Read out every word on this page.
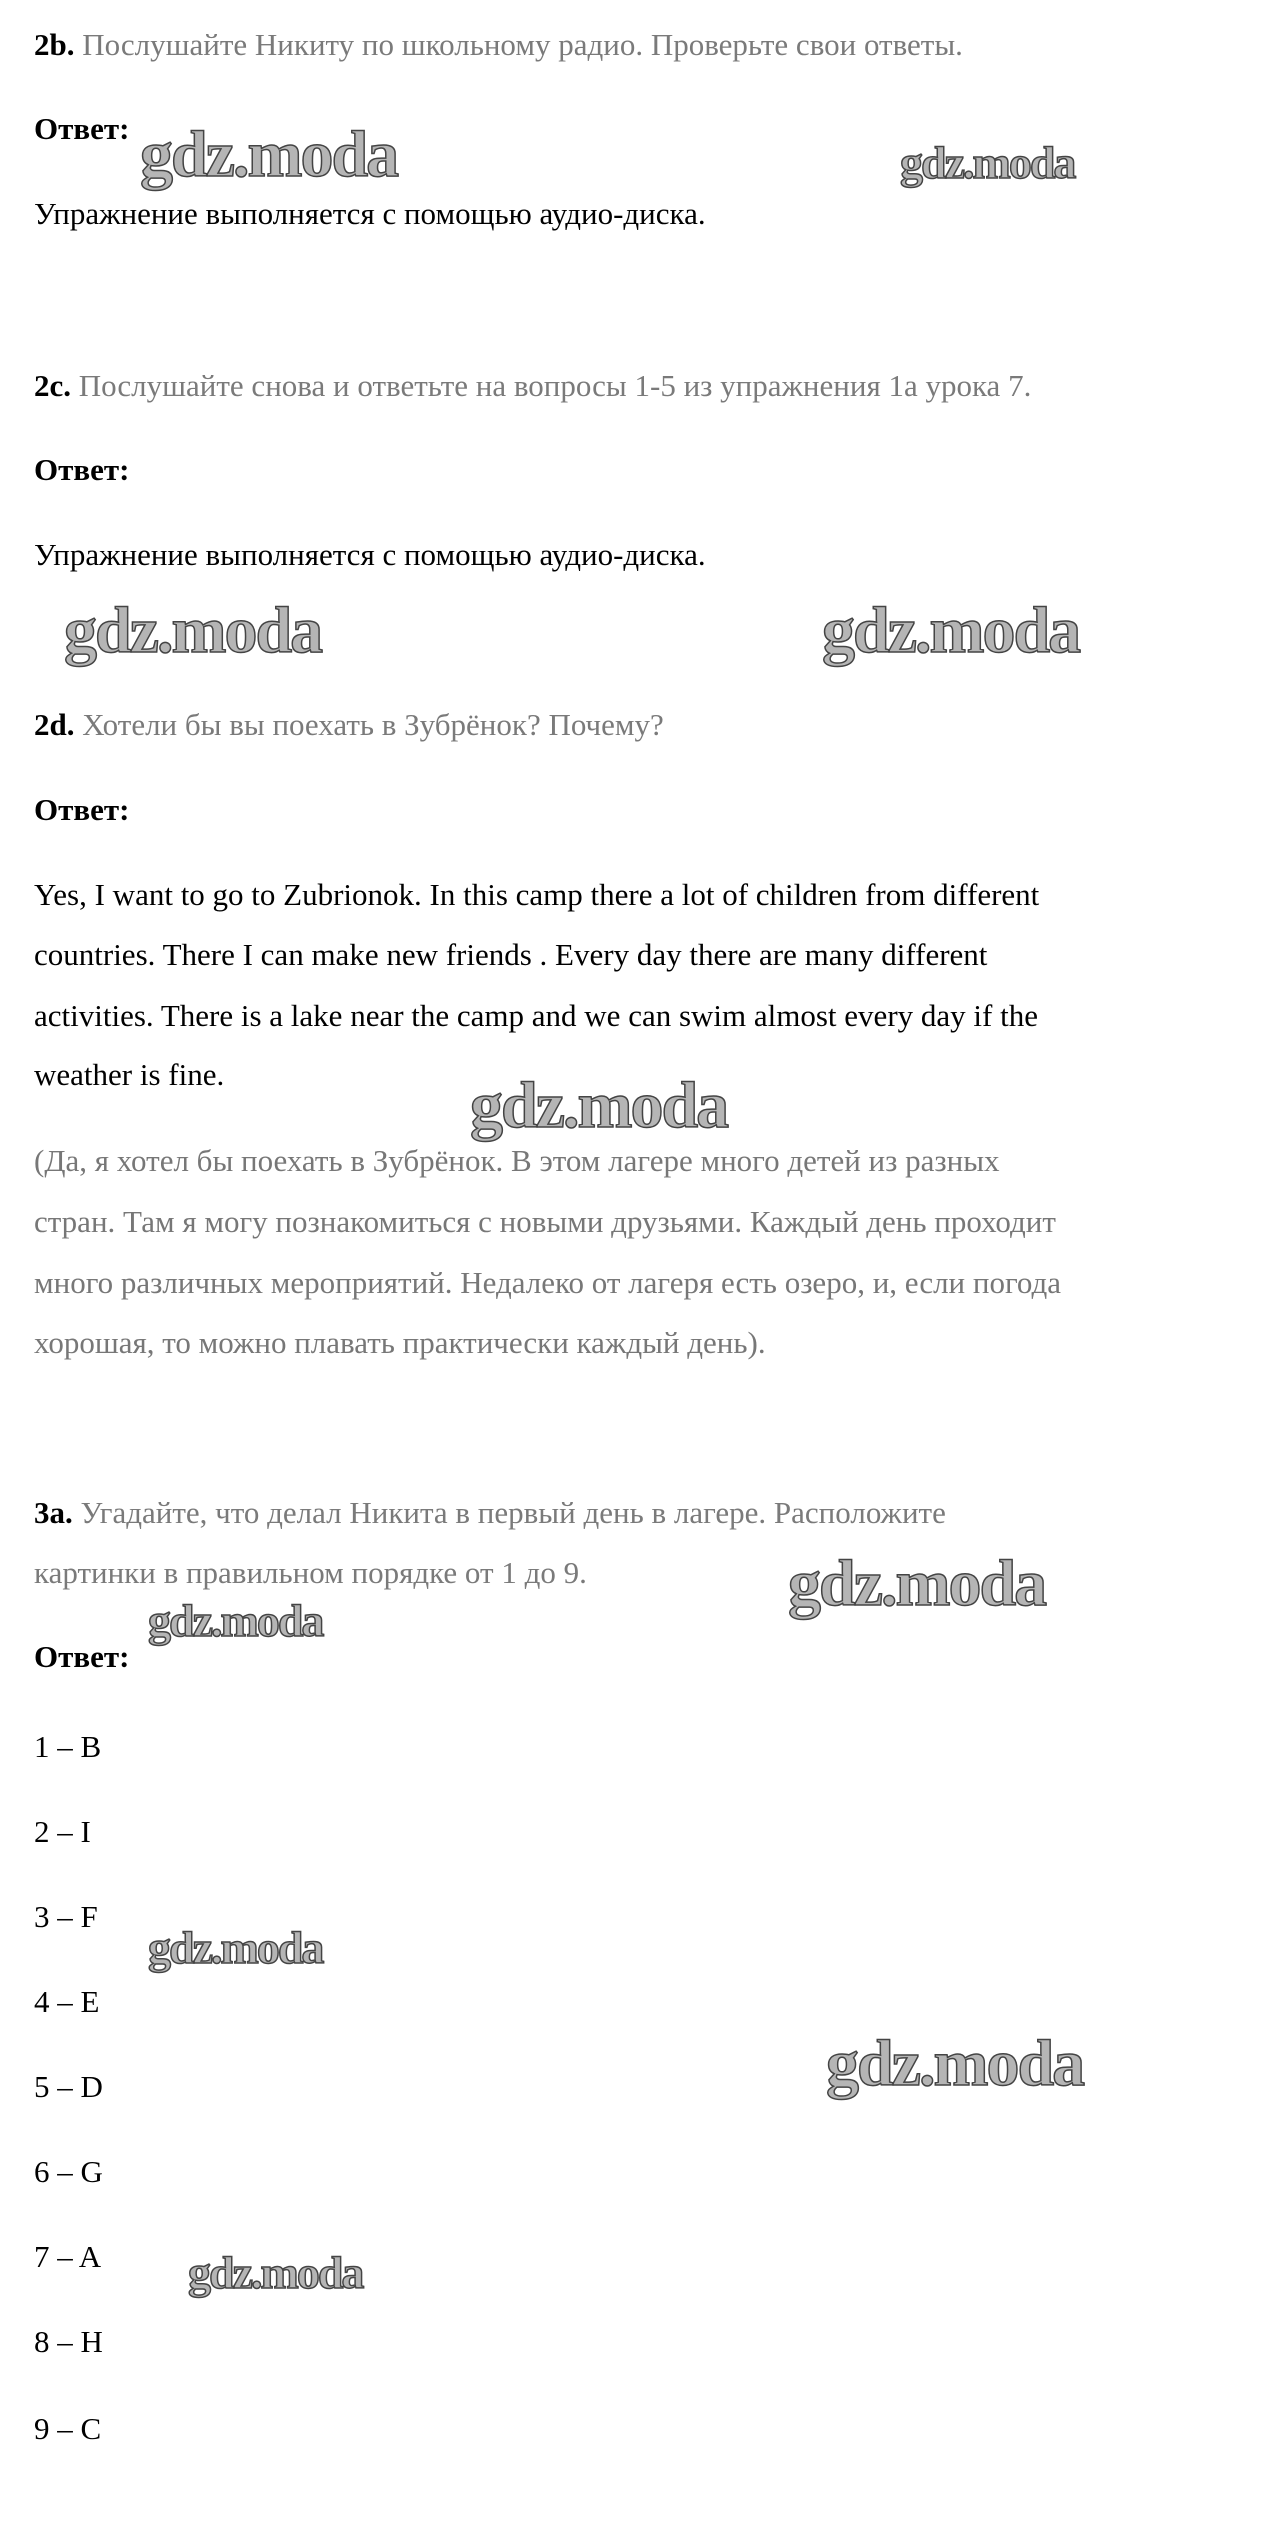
2b. Послушайте Никиту по школьному радио. Проверьте свои ответы.
Ответ:
Упражнение выполняется с помощью аудио-диска.
2c. Послушайте снова и ответьте на вопросы 1-5 из упражнения 1a урока 7.
Ответ:
Упражнение выполняется с помощью аудио-диска.
2d. Хотели бы вы поехать в Зубрёнок? Почему?
Ответ:
Yes, I want to go to Zubrionok. In this camp there a lot of children from different
countries. There I can make new friends . Every day there are many different
activities. There is a lake near the camp and we can swim almost every day if the
weather is fine.
(Да, я хотел бы поехать в Зубрёнок. В этом лагере много детей из разных
стран. Там я могу познакомиться с новыми друзьями. Каждый день проходит
много различных мероприятий. Недалеко от лагеря есть озеро, и, если погода
хорошая, то можно плавать практически каждый день).
3a. Угадайте, что делал Никита в первый день в лагере. Расположите
картинки в правильном порядке от 1 до 9.
Ответ:
1 – B
2 – I
3 – F
4 – E
5 – D
6 – G
7 – A
8 – H
9 – C
gdz.moda	gdz.moda
gdz.moda	gdz.moda
gdz.moda
gdz.moda
gdz.moda
gdz.moda
gdz.moda
gdz.moda
